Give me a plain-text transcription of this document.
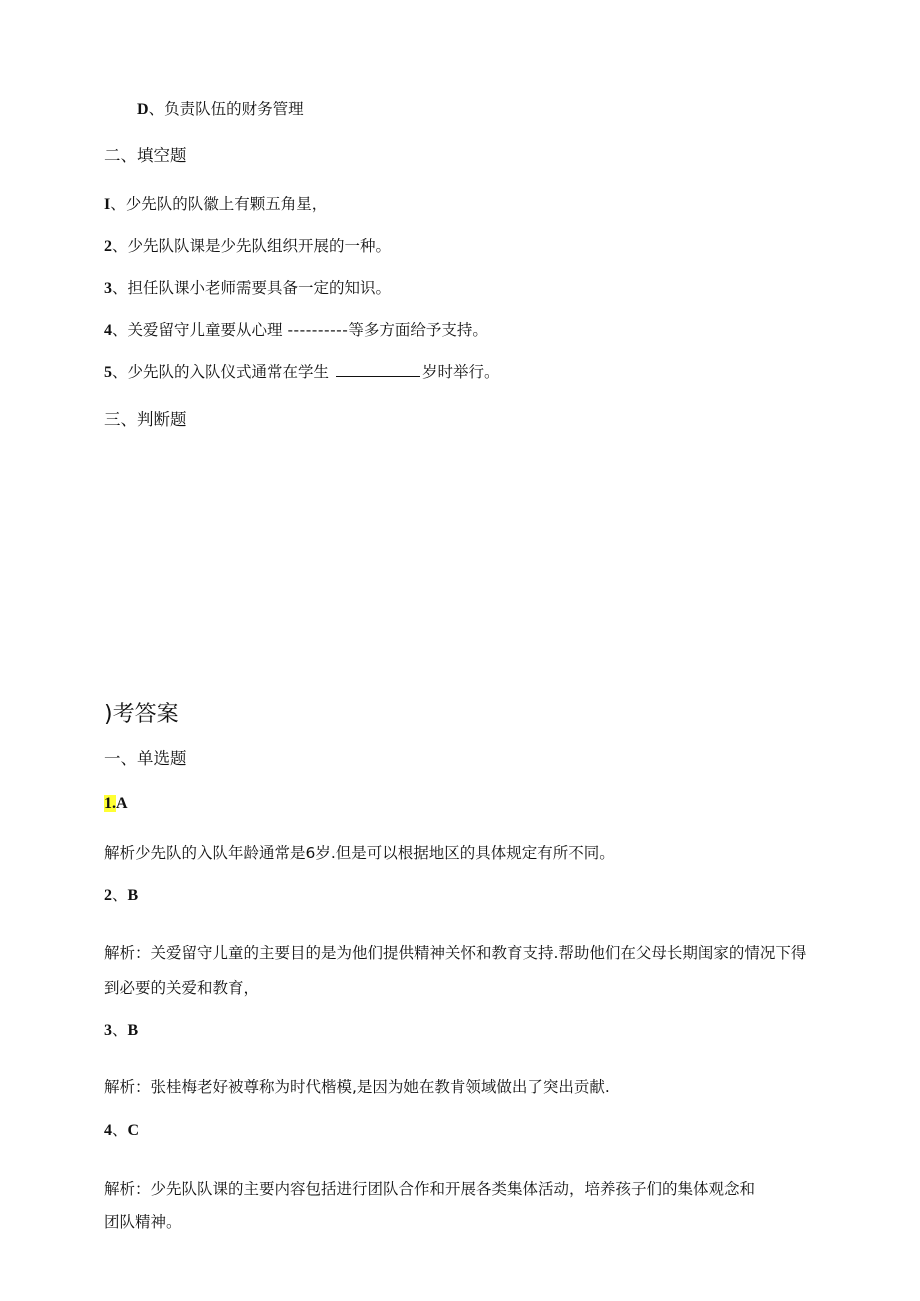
D、负责队伍的财务管理
二、填空题
I、少先队的队徽上有颗五角星，
2、少先队队课是少先队组织开展的一种。
3、担任队课小老师需要具备一定的知识。
4、关爱留守儿童要从心理 ----------等多方面给予支持。
5、少先队的入队仪式通常在学生	岁时举行。
三、判断题
)考答案
一、单选题
1.A
解析少先队的入队年龄通常是6岁.但是可以根据地区的具体规定有所不同。
2、B
解析：关爱留守儿童的主要目的是为他们提供精神关怀和教育支持.帮助他们在父母长期闺家的情况下得
到必要的关爱和教育，
3、B
解析：张桂梅老好被尊称为时代楷模,是因为她在教肯领域做出了突出贡献.
4、C
解析：少先队队课的主要内容包括进行团队合作和开展各类集体活动，培养孩子们的集体观念和
团队精神。
